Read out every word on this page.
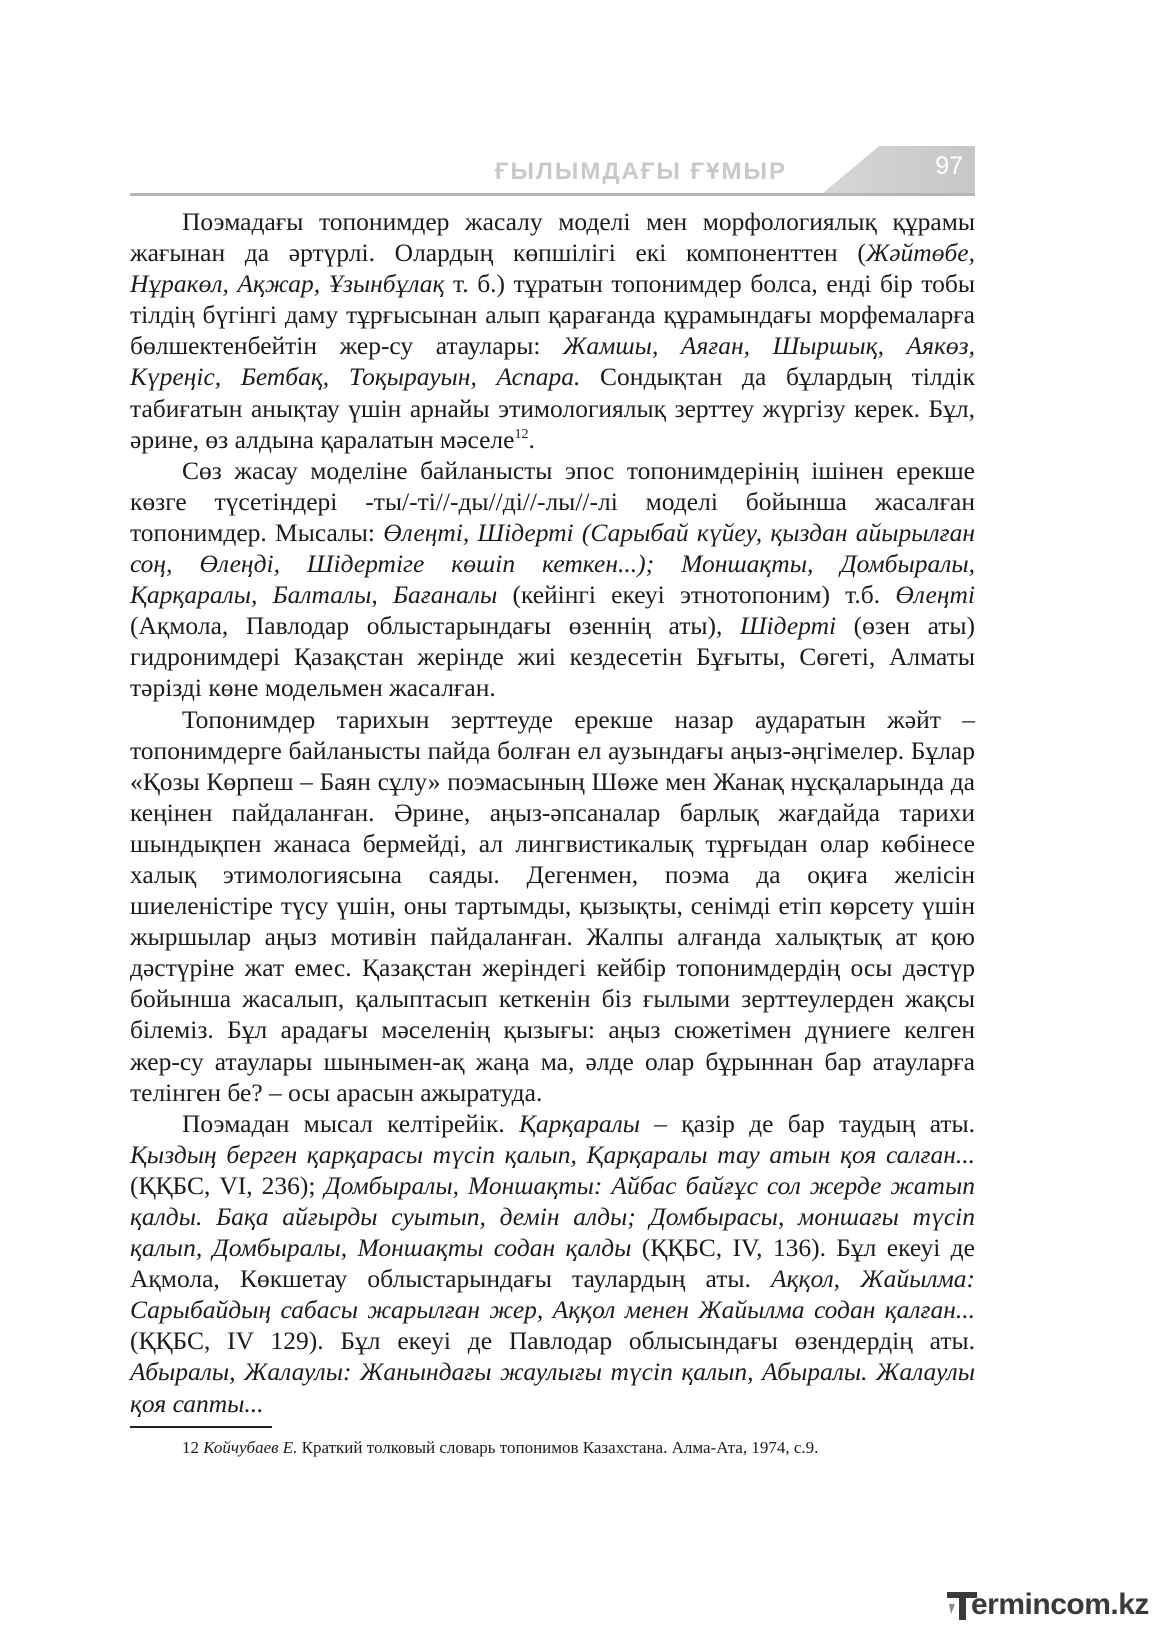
ҒЫЛЫМДАҒЫ ҒҰМЫР	97

Поэмадағы топонимдер жасалу моделі мен морфологиялық құрамы жағынан да әртүрлі. Олардың көпшілігі екі компоненттен (Жәйтөбе, Нұракөл, Ақжар, Ұзынбұлақ т. б.) тұратын топонимдер болса, енді бір тобы тілдің бүгінгі даму тұрғысынан алып қарағанда құрамындағы морфемаларға бөлшектенбейтін жер-су атаулары: Жамшы, Аяған, Шыршық, Аякөз, Күреңіс, Бетбақ, Тоқырауын, Аспара. Сондықтан да бұлардың тілдік табиғатын анықтау үшін арнайы этимологиялық зерттеу жүргізу керек. Бұл, әрине, өз алдына қаралатын мәселе$^{12}$.

Сөз жасау моделіне байланысты эпос топонимдерінің ішінен ерекше көзге түсетіндері -ты/-ті//-ды//ді//-лы//-лі моделі бойынша жасалған топонимдер. Мысалы: Өлеңті, Шідерті (Сарыбай күйеу, қыздан айырылған соң, Өлеңді, Шідертіге көшіп кеткен...); Моншақты, Домбыралы, Қарқаралы, Балталы, Бағаналы (кейінгі екеуі этнотопоним) т.б. Өлеңті (Ақмола, Павлодар облыстарындағы өзеннің аты), Шідерті (өзен аты) гидронимдері Қазақстан жерінде жиі кездесетін Бұғыты, Сөгеті, Алматы тәрізді көне модельмен жасалған.

Топонимдер тарихын зерттеуде ерекше назар аударатын жәйт – топонимдерге байланысты пайда болған ел аузындағы аңыз-әңгімелер. Бұлар «Қозы Көрпеш – Баян сұлу» поэмасының Шөже мен Жанақ нұсқаларында да кеңінен пайдаланған. Әрине, аңыз-әпсаналар барлық жағдайда тарихи шындықпен жанаса бермейді, ал лингвистикалық тұрғыдан олар көбінесе халық этимологиясына саяды. Дегенмен, поэма да оқиға желісін шиеленістіре түсу үшін, оны тартымды, қызықты, сенімді етіп көрсету үшін жыршылар аңыз мотивін пайдаланған. Жалпы алғанда халықтық ат қою дәстүріне жат емес. Қазақстан жеріндегі кейбір топонимдердің осы дәстүр бойынша жасалып, қалыптасып кеткенін біз ғылыми зерттеулерден жақсы білеміз. Бұл арадағы мәселенің қызығы: аңыз сюжетімен дүниеге келген жер-су атаулары шынымен-ақ жаңа ма, әлде олар бұрыннан бар атауларға телінген бе? – осы арасын ажыратуда.

Поэмадан мысал келтірейік. Қарқаралы – қазір де бар таудың аты. Қыздың берген қарқарасы түсіп қалып, Қарқаралы тау атын қоя салған... (ҚҚБС, VI, 236); Домбыралы, Моншақты: Айбас байғұс сол жерде жатып қалды. Бақа айғырды суытып, демін алды; Домбырасы, моншағы түсіп қалып, Домбыралы, Моншақты содан қалды (ҚҚБС, IV, 136). Бұл екеуі де Ақмола, Көкшетау облыстарындағы таулардың аты. Аққол, Жайылма: Сарыбайдың сабасы жарылған жер, Аққол менен Жайылма содан қалған... (ҚҚБС, IV 129). Бұл екеуі де Павлодар облысындағы өзендердің аты. Абыралы, Жалаулы: Жанындағы жаулығы түсіп қалып, Абыралы. Жалаулы қоя сапты...

12 Койчубаев Е. Краткий толковый словарь топонимов Казахстана. Алма-Ата, 1974, с.9.
ermincоm.kz
